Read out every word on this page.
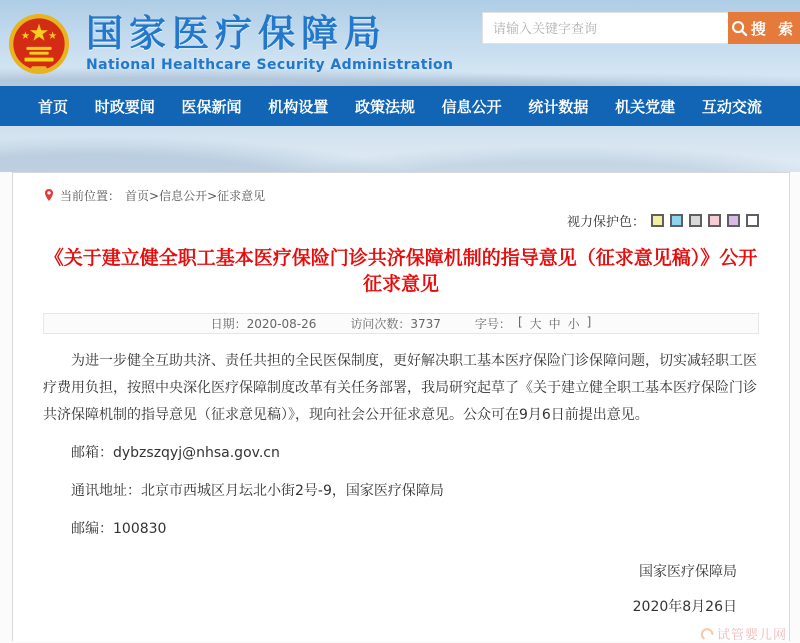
国家医疗保障局
National Healthcare Security Administration
请输入关键字查询
搜 索
首页 时政要闻 医保新闻 机构设置 政策法规 信息公开 统计数据 机关党建 互动交流
当前位置： 首页>信息公开>征求意见
视力保护色：
《关于建立健全职工基本医疗保险门诊共济保障机制的指导意见（征求意见稿）》公开征求意见
日期：2020-08-26	访问次数：3737	字号： [ 大 中 小 ]

为进一步健全互助共济、责任共担的全民医保制度，更好解决职工基本医疗保险门诊保障问题，切实减轻职工医疗费用负担，按照中央深化医疗保障制度改革有关任务部署，我局研究起草了《关于建立健全职工基本医疗保险门诊共济保障机制的指导意见（征求意见稿）》，现向社会公开征求意见。公众可在9月6日前提出意见。

邮箱：dybzszqyj@nhsa.gov.cn

通讯地址：北京市西城区月坛北小街2号-9，国家医疗保障局

邮编：100830

国家医疗保障局
2020年8月26日
试管婴儿网
